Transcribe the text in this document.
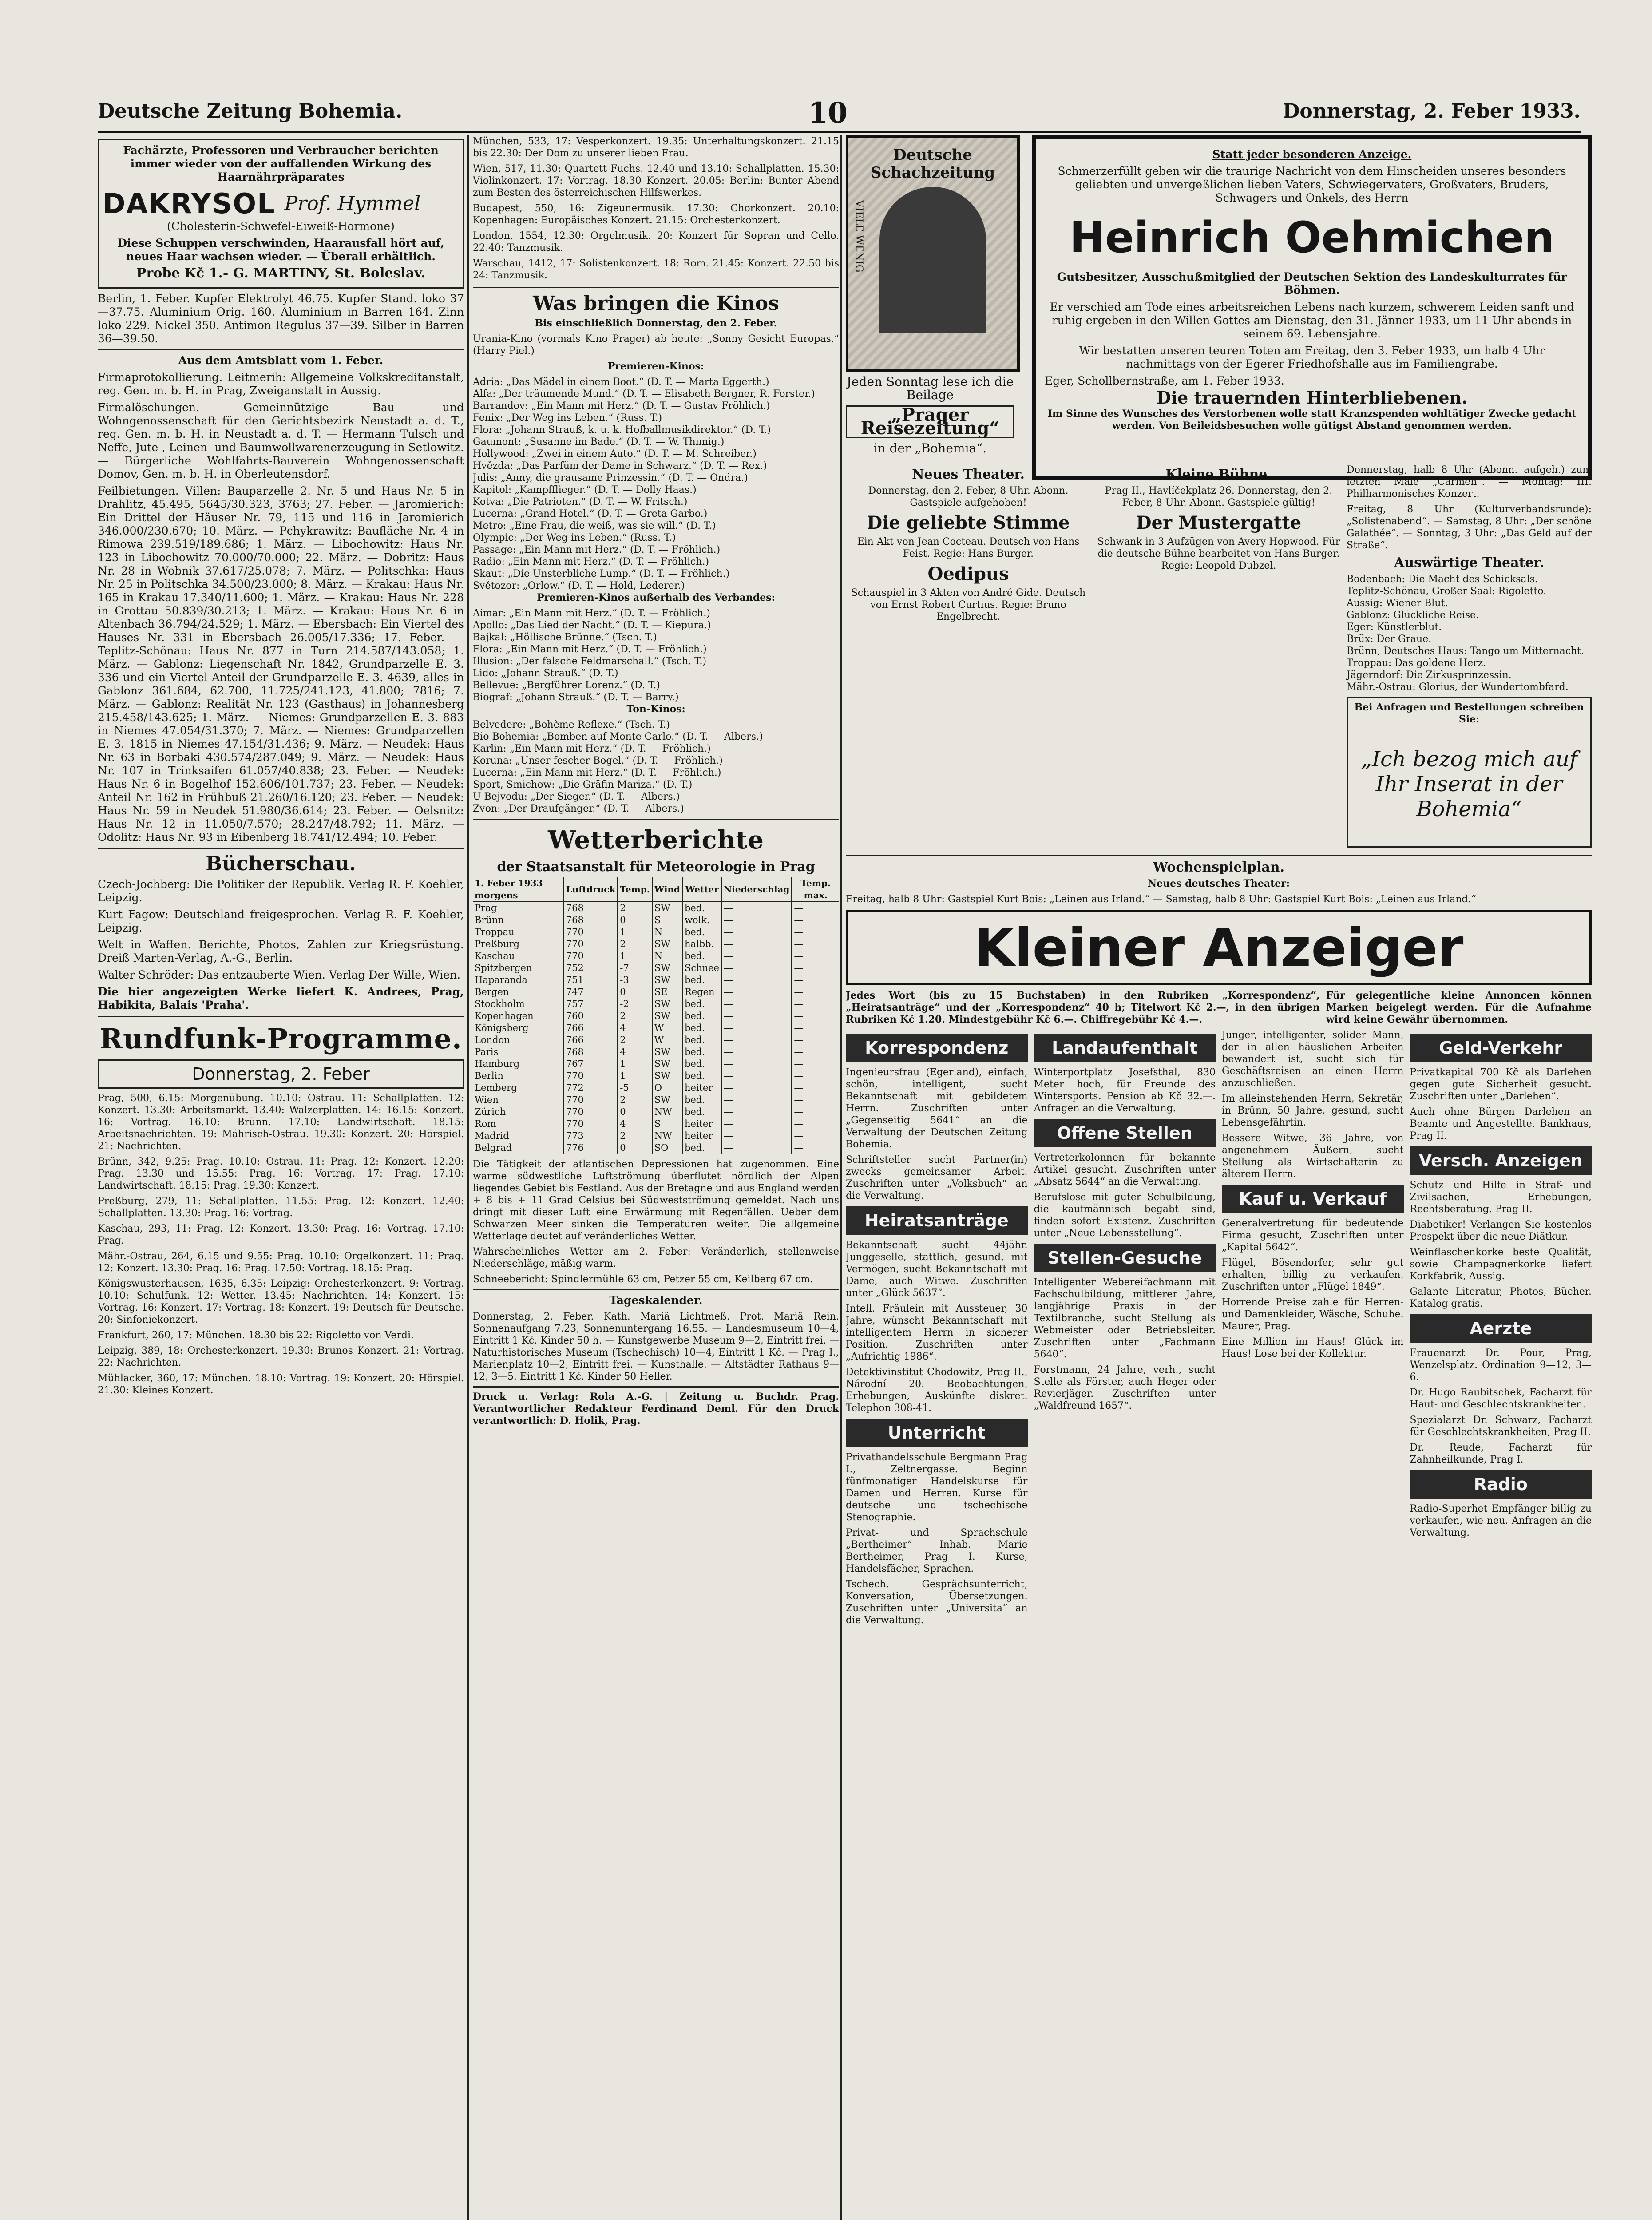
Deutsche Zeitung Bohemia.	10	Donnerstag, 2. Feber 1933.

Fachärzte, Professoren und Verbraucher berichten immer wieder von der auffallenden Wirkung des Haarnährpräparates

DAKRYSOL Prof. Hymmel

(Cholesterin-Schwefel-Eiweiß-Hormone)

Diese Schuppen verschwinden, Haarausfall hört auf, neues Haar wachsen wieder. — Überall erhältlich.

Probe Kč 1.- G. MARTINY, St. Boleslav.

Berlin, 1. Feber. Kupfer Elektrolyt 46.75. Kupfer Stand. loko 37—37.75. Aluminium Orig. 160. Aluminium in Barren 164. Zinn loko 229. Nickel 350. Antimon Regulus 37—39. Silber in Barren 36—39.50.

Aus dem Amtsblatt vom 1. Feber.

Firmaprotokollierung. Leitmerih: Allgemeine Volkskreditanstalt, reg. Gen. m. b. H. in Prag, Zweiganstalt in Aussig.

Firmalöschungen. Gemeinnützige Bau- und Wohngenossenschaft für den Gerichtsbezirk Neustadt a. d. T., reg. Gen. m. b. H. in Neustadt a. d. T. — Hermann Tulsch und Neffe, Jute-, Leinen- und Baumwollwarenerzeugung in Setlowitz. — Bürgerliche Wohlfahrts-Bauverein Wohngenossenschaft Domov, Gen. m. b. H. in Oberleutensdorf.

Feilbietungen. Villen: Bauparzelle 2. Nr. 5 und Haus Nr. 5 in Drahlitz, 45.495, 5645/30.323, 3763; 27. Feber. — Jaromierich: Ein Drittel der Häuser Nr. 79, 115 und 116 in Jaromierich 346.000/230.670; 10. März. — Pchykrawitz: Baufläche Nr. 4 in Rimowa 239.519/189.686; 1. März. — Libochowitz: Haus Nr. 123 in Libochowitz 70.000/70.000; 22. März. — Dobritz: Haus Nr. 28 in Wobnik 37.617/25.078; 7. März. — Politschka: Haus Nr. 25 in Politschka 34.500/23.000; 8. März. — Krakau: Haus Nr. 165 in Krakau 17.340/11.600; 1. März. — Krakau: Haus Nr. 228 in Grottau 50.839/30.213; 1. März. — Krakau: Haus Nr. 6 in Altenbach 36.794/24.529; 1. März. — Ebersbach: Ein Viertel des Hauses Nr. 331 in Ebersbach 26.005/17.336; 17. Feber. — Teplitz-Schönau: Haus Nr. 877 in Turn 214.587/143.058; 1. März. — Gablonz: Liegenschaft Nr. 1842, Grundparzelle E. 3. 336 und ein Viertel Anteil der Grundparzelle E. 3. 4639, alles in Gablonz 361.684, 62.700, 11.725/241.123, 41.800; 7816; 7. März. — Gablonz: Realität Nr. 123 (Gasthaus) in Johannesberg 215.458/143.625; 1. März. — Niemes: Grundparzellen E. 3. 883 in Niemes 47.054/31.370; 7. März. — Niemes: Grundparzellen E. 3. 1815 in Niemes 47.154/31.436; 9. März. — Neudek: Haus Nr. 63 in Borbaki 430.574/287.049; 9. März. — Neudek: Haus Nr. 107 in Trinksaifen 61.057/40.838; 23. Feber. — Neudek: Haus Nr. 6 in Bogelhof 152.606/101.737; 23. Feber. — Neudek: Anteil Nr. 162 in Frühbuß 21.260/16.120; 23. Feber. — Neudek: Haus Nr. 59 in Neudek 51.980/36.614; 23. Feber. — Oelsnitz: Haus Nr. 12 in 11.050/7.570; 28.247/48.792; 11. März. — Odolitz: Haus Nr. 93 in Eibenberg 18.741/12.494; 10. Feber.

Bücherschau.

Czech-Jochberg: Die Politiker der Republik. Verlag R. F. Koehler, Leipzig.

Kurt Fagow: Deutschland freigesprochen. Verlag R. F. Koehler, Leipzig.

Welt in Waffen. Berichte, Photos, Zahlen zur Kriegsrüstung. Dreiß Marten-Verlag, A.-G., Berlin.

Walter Schröder: Das entzauberte Wien. Verlag Der Wille, Wien.

Die hier angezeigten Werke liefert K. Andrees, Prag, Habikita, Balais 'Praha'.

Rundfunk-Programme.
Donnerstag, 2. Feber

Prag, 500, 6.15: Morgenübung. 10.10: Ostrau. 11: Schallplatten. 12: Konzert. 13.30: Arbeitsmarkt. 13.40: Walzerplatten. 14: 16.15: Konzert. 16: Vortrag. 16.10: Brünn. 17.10: Landwirtschaft. 18.15: Arbeitsnachrichten. 19: Mährisch-Ostrau. 19.30: Konzert. 20: Hörspiel. 21: Nachrichten.

Brünn, 342, 9.25: Prag. 10.10: Ostrau. 11: Prag. 12: Konzert. 12.20: Prag. 13.30 und 15.55: Prag. 16: Vortrag. 17: Prag. 17.10: Landwirtschaft. 18.15: Prag. 19.30: Konzert.

Preßburg, 279, 11: Schallplatten. 11.55: Prag. 12: Konzert. 12.40: Schallplatten. 13.30: Prag. 16: Vortrag.

Kaschau, 293, 11: Prag. 12: Konzert. 13.30: Prag. 16: Vortrag. 17.10: Prag.

Mähr.-Ostrau, 264, 6.15 und 9.55: Prag. 10.10: Orgelkonzert. 11: Prag. 12: Konzert. 13.30: Prag. 16: Prag. 17.50: Vortrag. 18.15: Prag.

Königswusterhausen, 1635, 6.35: Leipzig: Orchesterkonzert. 9: Vortrag. 10.10: Schulfunk. 12: Wetter. 13.45: Nachrichten. 14: Konzert. 15: Vortrag. 16: Konzert. 17: Vortrag. 18: Konzert. 19: Deutsch für Deutsche. 20: Sinfoniekonzert.

Frankfurt, 260, 17: München. 18.30 bis 22: Rigoletto von Verdi.

Leipzig, 389, 18: Orchesterkonzert. 19.30: Brunos Konzert. 21: Vortrag. 22: Nachrichten.

Mühlacker, 360, 17: München. 18.10: Vortrag. 19: Konzert. 20: Hörspiel. 21.30: Kleines Konzert.

München, 533, 17: Vesperkonzert. 19.35: Unterhaltungskonzert. 21.15 bis 22.30: Der Dom zu unserer lieben Frau.

Wien, 517, 11.30: Quartett Fuchs. 12.40 und 13.10: Schallplatten. 15.30: Violinkonzert. 17: Vortrag. 18.30 Konzert. 20.05: Berlin: Bunter Abend zum Besten des österreichischen Hilfswerkes.

Budapest, 550, 16: Zigeunermusik. 17.30: Chorkonzert. 20.10: Kopenhagen: Europäisches Konzert. 21.15: Orchesterkonzert.

London, 1554, 12.30: Orgelmusik. 20: Konzert für Sopran und Cello. 22.40: Tanzmusik.

Warschau, 1412, 17: Solistenkonzert. 18: Rom. 21.45: Konzert. 22.50 bis 24: Tanzmusik.

Was bringen die Kinos

Bis einschließlich Donnerstag, den 2. Feber.

Urania-Kino (vormals Kino Prager) ab heute: „Sonny Gesicht Europas.“ (Harry Piel.)

Premieren-Kinos:

Adria: „Das Mädel in einem Boot.“ (D. T. — Marta Eggerth.)

Alfa: „Der träumende Mund.“ (D. T. — Elisabeth Bergner, R. Forster.)

Barrandov: „Ein Mann mit Herz.“ (D. T. — Gustav Fröhlich.)

Fenix: „Der Weg ins Leben.“ (Russ. T.)

Flora: „Johann Strauß, k. u. k. Hofballmusikdirektor.“ (D. T.)

Gaumont: „Susanne im Bade.“ (D. T. — W. Thimig.)

Hollywood: „Zwei in einem Auto.“ (D. T. — M. Schreiber.)

Hvězda: „Das Parfüm der Dame in Schwarz.“ (D. T. — Rex.)

Julis: „Anny, die grausame Prinzessin.“ (D. T. — Ondra.)

Kapitol: „Kampfflieger.“ (D. T. — Dolly Haas.)

Kotva: „Die Patrioten.“ (D. T. — W. Fritsch.)

Lucerna: „Grand Hotel.“ (D. T. — Greta Garbo.)

Metro: „Eine Frau, die weiß, was sie will.“ (D. T.)

Olympic: „Der Weg ins Leben.“ (Russ. T.)

Passage: „Ein Mann mit Herz.“ (D. T. — Fröhlich.)

Radio: „Ein Mann mit Herz.“ (D. T. — Fröhlich.)

Skaut: „Die Unsterbliche Lump.“ (D. T. — Fröhlich.)

Světozor: „Orlow.“ (D. T. — Hold, Lederer.)

Premieren-Kinos außerhalb des Verbandes:

Aimar: „Ein Mann mit Herz.“ (D. T. — Fröhlich.)

Apollo: „Das Lied der Nacht.“ (D. T. — Kiepura.)

Bajkal: „Höllische Brünne.“ (Tsch. T.)

Flora: „Ein Mann mit Herz.“ (D. T. — Fröhlich.)

Illusion: „Der falsche Feldmarschall.“ (Tsch. T.)

Lido: „Johann Strauß.“ (D. T.)

Bellevue: „Bergführer Lorenz.“ (D. T.)

Biograf: „Johann Strauß.“ (D. T. — Barry.)

Ton-Kinos:

Belvedere: „Bohème Reflexe.“ (Tsch. T.)

Bio Bohemia: „Bomben auf Monte Carlo.“ (D. T. — Albers.)

Karlin: „Ein Mann mit Herz.“ (D. T. — Fröhlich.)

Koruna: „Unser fescher Bogel.“ (D. T. — Fröhlich.)

Lucerna: „Ein Mann mit Herz.“ (D. T. — Fröhlich.)

Sport, Smichow: „Die Gräfin Mariza.“ (D. T.)

U Bejvodu: „Der Sieger.“ (D. T. — Albers.)

Zvon: „Der Draufgänger.“ (D. T. — Albers.)

Wetterberichte
der Staatsanstalt für Meteorologie in Prag
1. Feber 1933 morgens	Luftdruck	Temp.	Wind	Wetter	Niederschlag	Temp. max.
Prag	768	2	SW	bed.	—	—
Brünn	768	0	S	wolk.	—	—
Troppau	770	1	N	bed.	—	—
Preßburg	770	2	SW	halbb.	—	—
Kaschau	770	1	N	bed.	—	—
Spitzbergen	752	-7	SW	Schnee	—	—
Haparanda	751	-3	SW	bed.	—	—
Bergen	747	0	SE	Regen	—	—
Stockholm	757	-2	SW	bed.	—	—
Kopenhagen	760	2	SW	bed.	—	—
Königsberg	766	4	W	bed.	—	—
London	766	2	W	bed.	—	—
Paris	768	4	SW	bed.	—	—
Hamburg	767	1	SW	bed.	—	—
Berlin	770	1	SW	bed.	—	—
Lemberg	772	-5	O	heiter	—	—
Wien	770	2	SW	bed.	—	—
Zürich	770	0	NW	bed.	—	—
Rom	770	4	S	heiter	—	—
Madrid	773	2	NW	heiter	—	—
Belgrad	776	0	SO	bed.	—	—

Die Tätigkeit der atlantischen Depressionen hat zugenommen. Eine warme südwestliche Luftströmung überflutet nördlich der Alpen liegendes Gebiet bis Festland. Aus der Bretagne und aus England werden + 8 bis + 11 Grad Celsius bei Südwestströmung gemeldet. Nach uns dringt mit dieser Luft eine Erwärmung mit Regenfällen. Ueber dem Schwarzen Meer sinken die Temperaturen weiter. Die allgemeine Wetterlage deutet auf veränderliches Wetter.

Wahrscheinliches Wetter am 2. Feber: Veränderlich, stellenweise Niederschläge, mäßig warm.

Schneebericht: Spindlermühle 63 cm, Petzer 55 cm, Keilberg 67 cm.

Tageskalender.

Donnerstag, 2. Feber. Kath. Mariä Lichtmeß. Prot. Mariä Rein. Sonnenaufgang 7.23, Sonnenuntergang 16.55. — Landesmuseum 10—4, Eintritt 1 Kč. Kinder 50 h. — Kunstgewerbe Museum 9—2, Eintritt frei. — Naturhistorisches Museum (Tschechisch) 10—4, Eintritt 1 Kč. — Prag I., Marienplatz 10—2, Eintritt frei. — Kunsthalle. — Altstädter Rathaus 9—12, 3—5. Eintritt 1 Kč, Kinder 50 Heller.

Druck u. Verlag: Rola A.-G. | Zeitung u. Buchdr. Prag. Verantwortlicher Redakteur Ferdinand Deml. Für den Druck verantwortlich: D. Holik, Prag.

Deutsche Schachzeitung
VIELE WENIG

Jeden Sonntag lese ich die Beilage

„Prager Reisezeitung“

in der „Bohemia“.

Statt jeder besonderen Anzeige.

Schmerzerfüllt geben wir die traurige Nachricht von dem Hinscheiden unseres besonders geliebten und unvergeßlichen lieben Vaters, Schwiegervaters, Großvaters, Bruders, Schwagers und Onkels, des Herrn

Heinrich Oehmichen

Gutsbesitzer, Ausschußmitglied der Deutschen Sektion des Landeskulturrates für Böhmen.

Er verschied am Tode eines arbeitsreichen Lebens nach kurzem, schwerem Leiden sanft und ruhig ergeben in den Willen Gottes am Dienstag, den 31. Jänner 1933, um 11 Uhr abends in seinem 69. Lebensjahre.

Wir bestatten unseren teuren Toten am Freitag, den 3. Feber 1933, um halb 4 Uhr nachmittags von der Egerer Friedhofshalle aus im Familiengrabe.

Eger, Schollbernstraße, am 1. Feber 1933.

Die trauernden Hinterbliebenen.

Im Sinne des Wunsches des Verstorbenen wolle statt Kranzspenden wohltätiger Zwecke gedacht werden. Von Beileidsbesuchen wolle gütigst Abstand genommen werden.

Neues Theater.

Donnerstag, den 2. Feber, 8 Uhr. Abonn. Gastspiele aufgehoben!

Die geliebte Stimme

Ein Akt von Jean Cocteau. Deutsch von Hans Feist. Regie: Hans Burger.

Oedipus

Schauspiel in 3 Akten von André Gide. Deutsch von Ernst Robert Curtius. Regie: Bruno Engelbrecht.

Kleine Bühne.

Prag II., Havlíčekplatz 26. Donnerstag, den 2. Feber, 8 Uhr. Abonn. Gastspiele gültig!

Der Mustergatte

Schwank in 3 Aufzügen von Avery Hopwood. Für die deutsche Bühne bearbeitet von Hans Burger. Regie: Leopold Dubzel.

Donnerstag, halb 8 Uhr (Abonn. aufgeh.) zum letzten Male „Carmen“. — Montag: III. Philharmonisches Konzert.

Freitag, 8 Uhr (Kulturverbandsrunde): „Solistenabend“. — Samstag, 8 Uhr: „Der schöne Galathée“. — Sonntag, 3 Uhr: „Das Geld auf der Straße“.

Auswärtige Theater.

Bodenbach: Die Macht des Schicksals.

Teplitz-Schönau, Großer Saal: Rigoletto.

Aussig: Wiener Blut.

Gablonz: Glückliche Reise.

Eger: Künstlerblut.

Brüx: Der Graue.

Brünn, Deutsches Haus: Tango um Mitternacht.

Troppau: Das goldene Herz.

Jägerndorf: Die Zirkusprinzessin.

Mähr.-Ostrau: Glorius, der Wundertombfard.

Bei Anfragen und Bestellungen schreiben Sie:

„Ich bezog mich auf Ihr Inserat in der Bohemia“

Wochenspielplan.

Neues deutsches Theater:

Freitag, halb 8 Uhr: Gastspiel Kurt Bois: „Leinen aus Irland.“ — Samstag, halb 8 Uhr: Gastspiel Kurt Bois: „Leinen aus Irland.“

Kleiner Anzeiger

Jedes Wort (bis zu 15 Buchstaben) in den Rubriken „Korrespondenz“, „Heiratsanträge“ und der „Korrespondenz“ 40 h; Titelwort Kč 2.—, in den übrigen Rubriken Kč 1.20. Mindestgebühr Kč 6.—. Chiffregebühr Kč 4.—.

Für gelegentliche kleine Annoncen können Marken beigelegt werden. Für die Aufnahme wird keine Gewähr übernommen.

Korrespondenz

Ingenieursfrau (Egerland), einfach, schön, intelligent, sucht Bekanntschaft mit gebildetem Herrn. Zuschriften unter „Gegenseitig 5641“ an die Verwaltung der Deutschen Zeitung Bohemia.

Schriftsteller sucht Partner(in) zwecks gemeinsamer Arbeit. Zuschriften unter „Volksbuch“ an die Verwaltung.

Heiratsanträge

Bekanntschaft sucht 44jähr. Junggeselle, stattlich, gesund, mit Vermögen, sucht Bekanntschaft mit Dame, auch Witwe. Zuschriften unter „Glück 5637“.

Intell. Fräulein mit Aussteuer, 30 Jahre, wünscht Bekanntschaft mit intelligentem Herrn in sicherer Position. Zuschriften unter „Aufrichtig 1986“.

Detektivinstitut Chodowitz, Prag II., Národní 20. Beobachtungen, Erhebungen, Auskünfte diskret. Telephon 308-41.

Unterricht

Privathandelsschule Bergmann Prag I., Zeltnergasse. Beginn fünfmonatiger Handelskurse für Damen und Herren. Kurse für deutsche und tschechische Stenographie.

Privat- und Sprachschule „Bertheimer“ Inhab. Marie Bertheimer, Prag I. Kurse, Handelsfächer, Sprachen.

Tschech. Gesprächsunterricht, Konversation, Übersetzungen. Zuschriften unter „Universita“ an die Verwaltung.

Landaufenthalt

Winterportplatz Josefsthal, 830 Meter hoch, für Freunde des Wintersports. Pension ab Kč 32.—. Anfragen an die Verwaltung.

Offene Stellen

Vertreterkolonnen für bekannte Artikel gesucht. Zuschriften unter „Absatz 5644“ an die Verwaltung.

Berufslose mit guter Schulbildung, die kaufmännisch begabt sind, finden sofort Existenz. Zuschriften unter „Neue Lebensstellung“.

Stellen-Gesuche

Intelligenter Webereifachmann mit Fachschulbildung, mittlerer Jahre, langjährige Praxis in der Textilbranche, sucht Stellung als Webmeister oder Betriebsleiter. Zuschriften unter „Fachmann 5640“.

Forstmann, 24 Jahre, verh., sucht Stelle als Förster, auch Heger oder Revierjäger. Zuschriften unter „Waldfreund 1657“.

Junger, intelligenter, solider Mann, der in allen häuslichen Arbeiten bewandert ist, sucht sich für Geschäftsreisen an einen Herrn anzuschließen.

Im alleinstehenden Herrn, Sekretär, in Brünn, 50 Jahre, gesund, sucht Lebensgefährtin.

Bessere Witwe, 36 Jahre, von angenehmem Äußern, sucht Stellung als Wirtschafterin zu älterem Herrn.

Kauf u. Verkauf

Generalvertretung für bedeutende Firma gesucht, Zuschriften unter „Kapital 5642“.

Flügel, Bösendorfer, sehr gut erhalten, billig zu verkaufen. Zuschriften unter „Flügel 1849“.

Horrende Preise zahle für Herren- und Damenkleider, Wäsche, Schuhe. Maurer, Prag.

Eine Million im Haus! Glück im Haus! Lose bei der Kollektur.

Geld-Verkehr

Privatkapital 700 Kč als Darlehen gegen gute Sicherheit gesucht. Zuschriften unter „Darlehen“.

Auch ohne Bürgen Darlehen an Beamte und Angestellte. Bankhaus, Prag II.

Versch. Anzeigen

Schutz und Hilfe in Straf- und Zivilsachen, Erhebungen, Rechtsberatung. Prag II.

Diabetiker! Verlangen Sie kostenlos Prospekt über die neue Diätkur.

Weinflaschenkorke beste Qualität, sowie Champagnerkorke liefert Korkfabrik, Aussig.

Galante Literatur, Photos, Bücher. Katalog gratis.

Aerzte

Frauenarzt Dr. Pour, Prag, Wenzelsplatz. Ordination 9—12, 3—6.

Dr. Hugo Raubitschek, Facharzt für Haut- und Geschlechtskrankheiten.

Spezialarzt Dr. Schwarz, Facharzt für Geschlechtskrankheiten, Prag II.

Dr. Reude, Facharzt für Zahnheilkunde, Prag I.

Radio

Radio-Superhet Empfänger billig zu verkaufen, wie neu. Anfragen an die Verwaltung.
